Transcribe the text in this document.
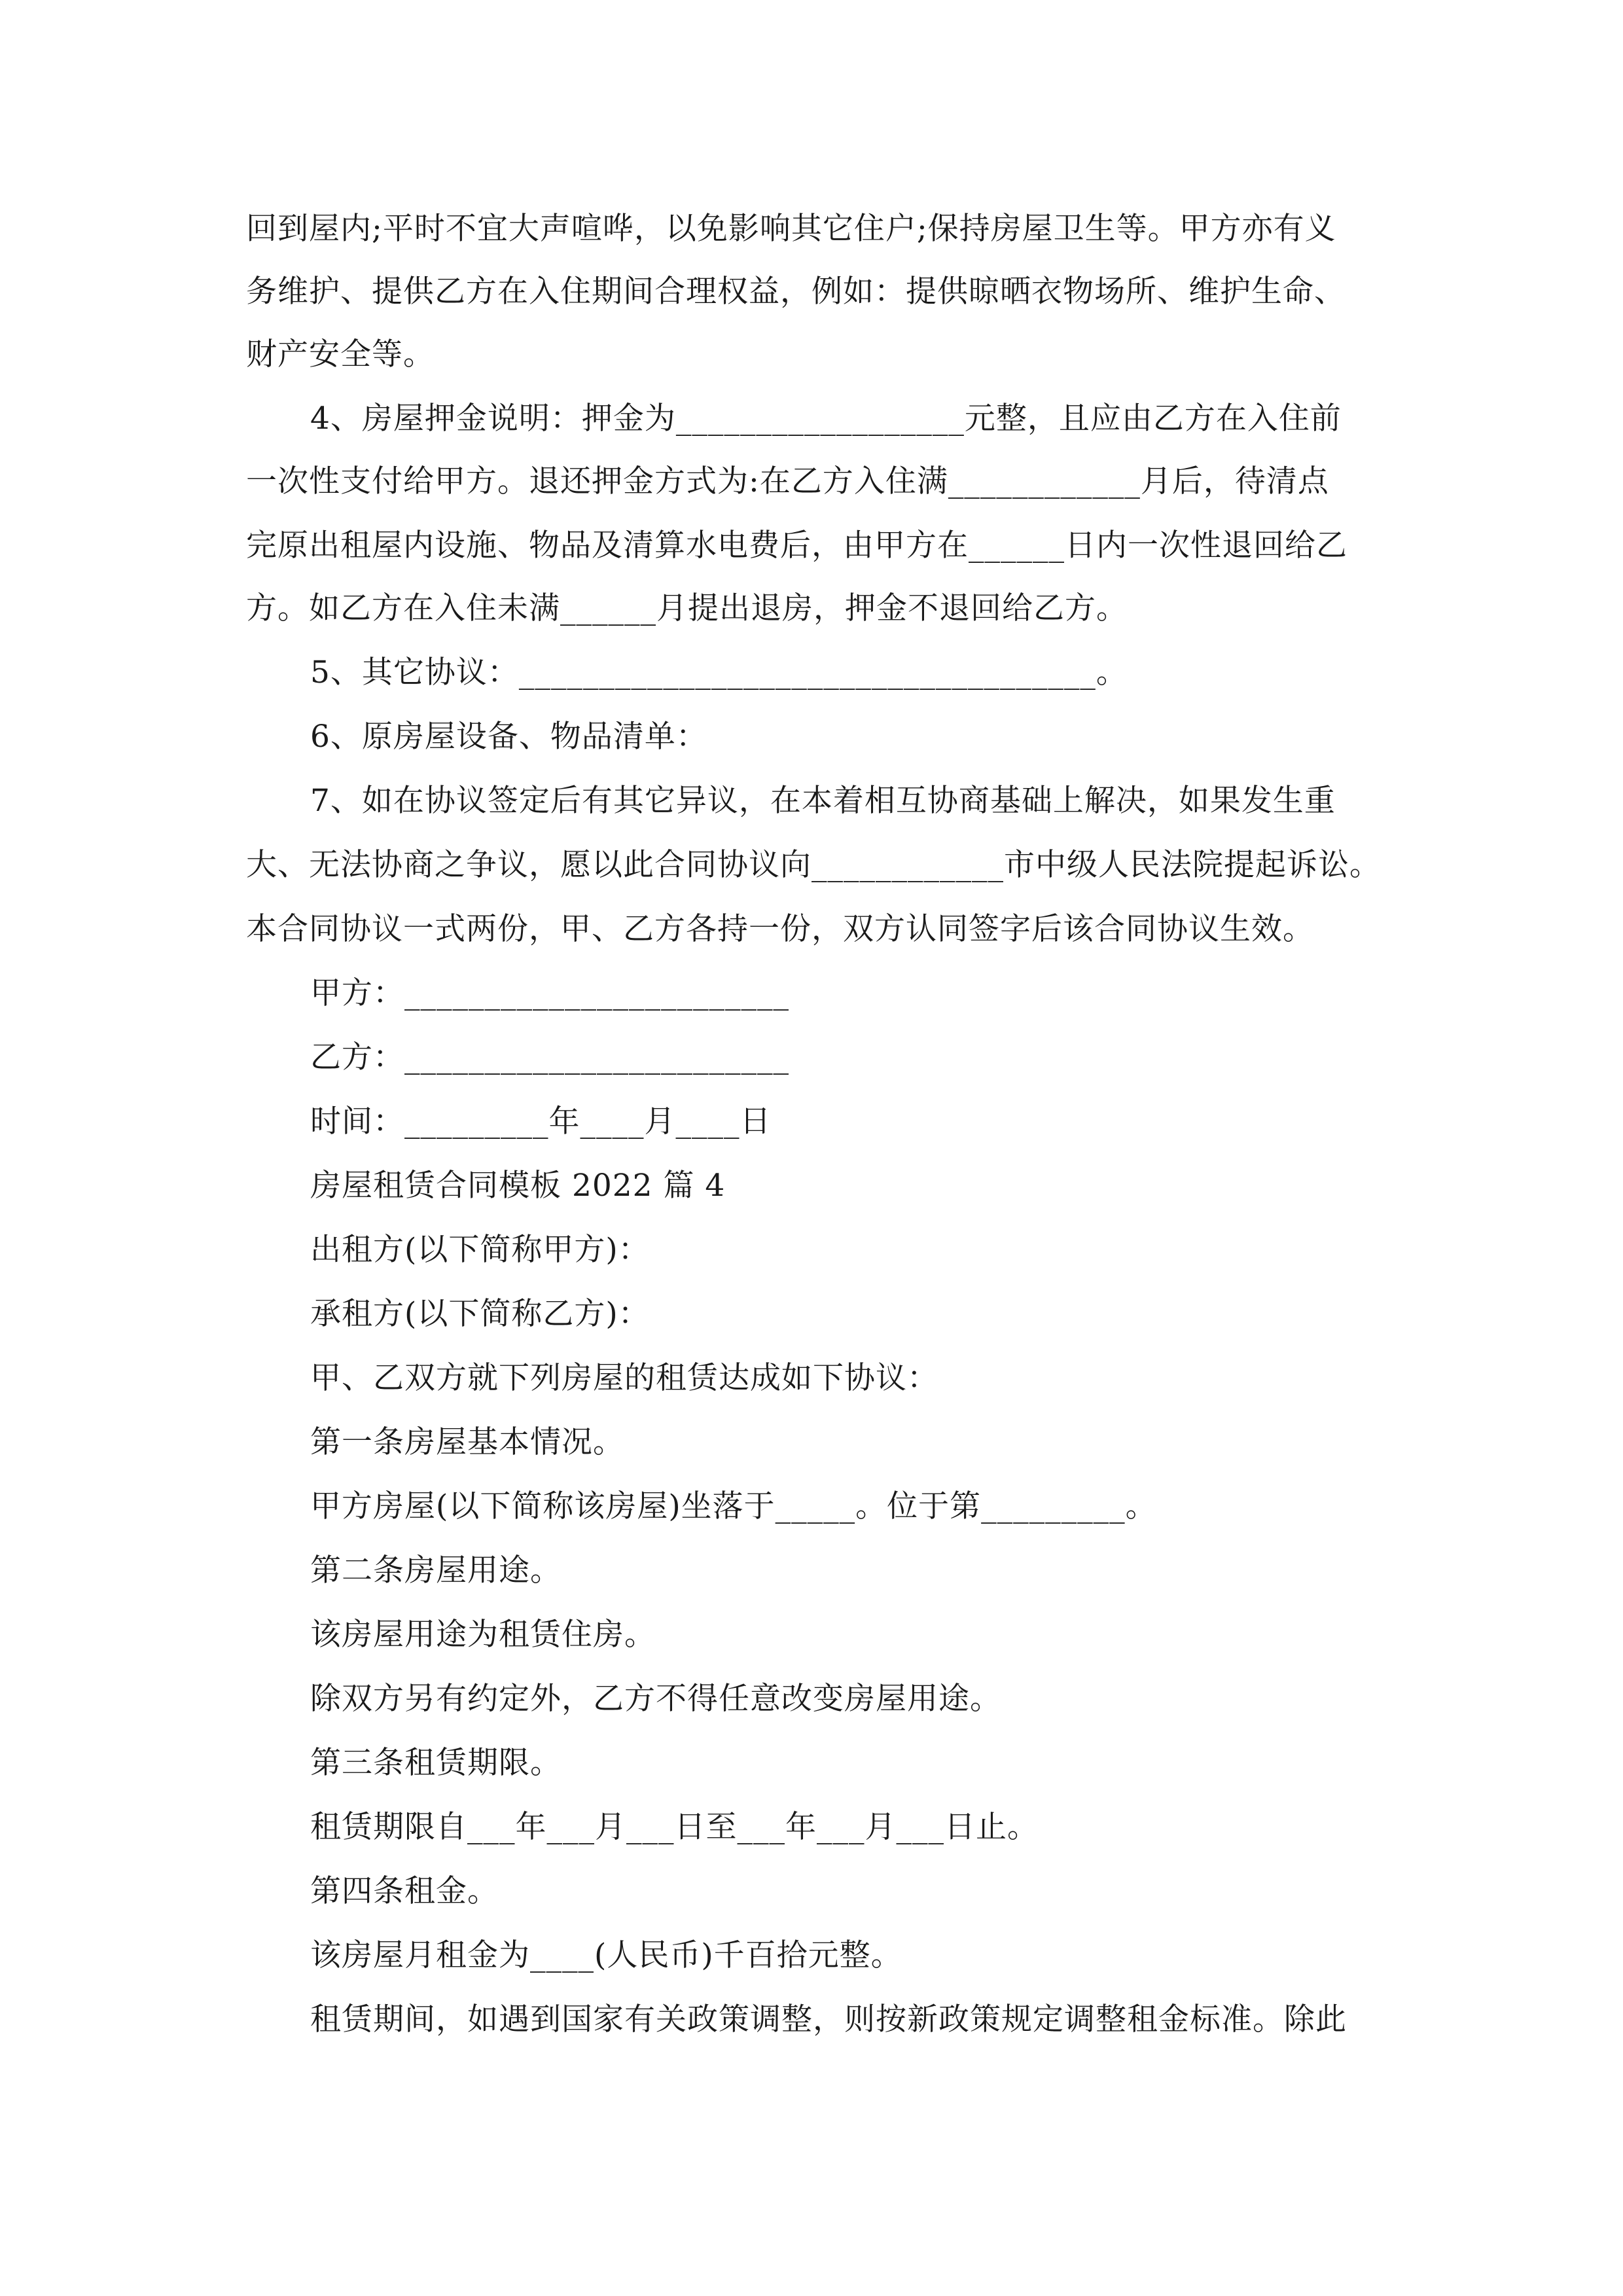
回到屋内;平时不宜大声喧哗，以免影响其它住户;保持房屋卫生等。甲方亦有义
务维护、提供乙方在入住期间合理权益，例如：提供晾晒衣物场所、维护生命、
财产安全等。
4、房屋押金说明：押金为__________________元整，且应由乙方在入住前
一次性支付给甲方。退还押金方式为:在乙方入住满____________月后，待清点
完原出租屋内设施、物品及清算水电费后，由甲方在______日内一次性退回给乙
方。如乙方在入住未满______月提出退房，押金不退回给乙方。
5、其它协议：____________________________________。
6、原房屋设备、物品清单：
7、如在协议签定后有其它异议，在本着相互协商基础上解决，如果发生重
大、无法协商之争议，愿以此合同协议向____________市中级人民法院提起诉讼。
本合同协议一式两份，甲、乙方各持一份，双方认同签字后该合同协议生效。
甲方：________________________
乙方：________________________
时间：_________年____月____日
房屋租赁合同模板 2022 篇 4
出租方(以下简称甲方)：
承租方(以下简称乙方)：
甲、乙双方就下列房屋的租赁达成如下协议：
第一条房屋基本情况。
甲方房屋(以下简称该房屋)坐落于_____。位于第_________。
第二条房屋用途。
该房屋用途为租赁住房。
除双方另有约定外，乙方不得任意改变房屋用途。
第三条租赁期限。
租赁期限自___年___月___日至___年___月___日止。
第四条租金。
该房屋月租金为____(人民币)千百拾元整。
租赁期间，如遇到国家有关政策调整，则按新政策规定调整租金标准。除此
